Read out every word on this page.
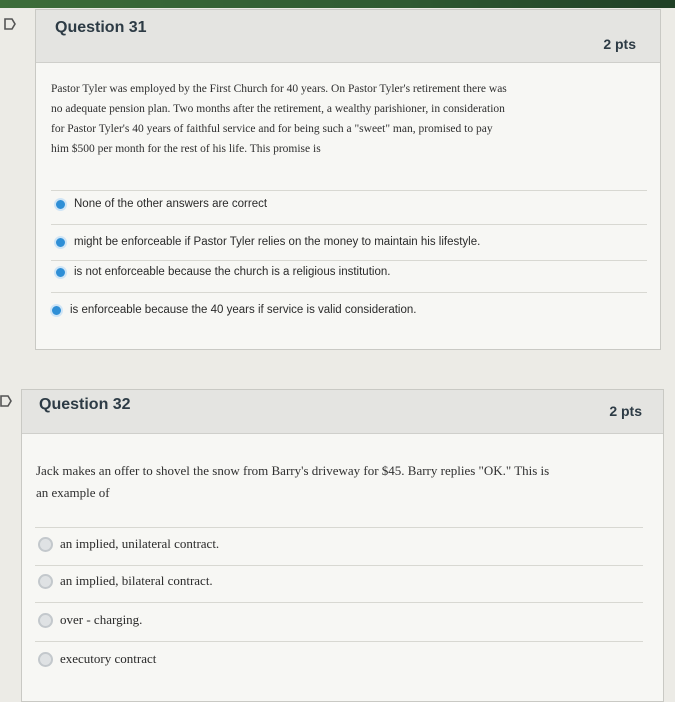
Question 31
2 pts
Pastor Tyler was employed by the First Church for 40 years. On Pastor Tyler's retirement there was
no adequate pension plan. Two months after the retirement, a wealthy parishioner, in consideration
for Pastor Tyler's 40 years of faithful service and for being such a "sweet" man, promised to pay
him $500 per month for the rest of his life. This promise is
None of the other answers are correct
might be enforceable if Pastor Tyler relies on the money to maintain his lifestyle.
is not enforceable because the church is a religious institution.
is enforceable because the 40 years if service is valid consideration.
Question 32	2 pts
Jack makes an offer to shovel the snow from Barry's driveway for $45. Barry replies "OK." This is
an example of
an implied, unilateral contract.
an implied, bilateral contract.
over - charging.
executory contract
